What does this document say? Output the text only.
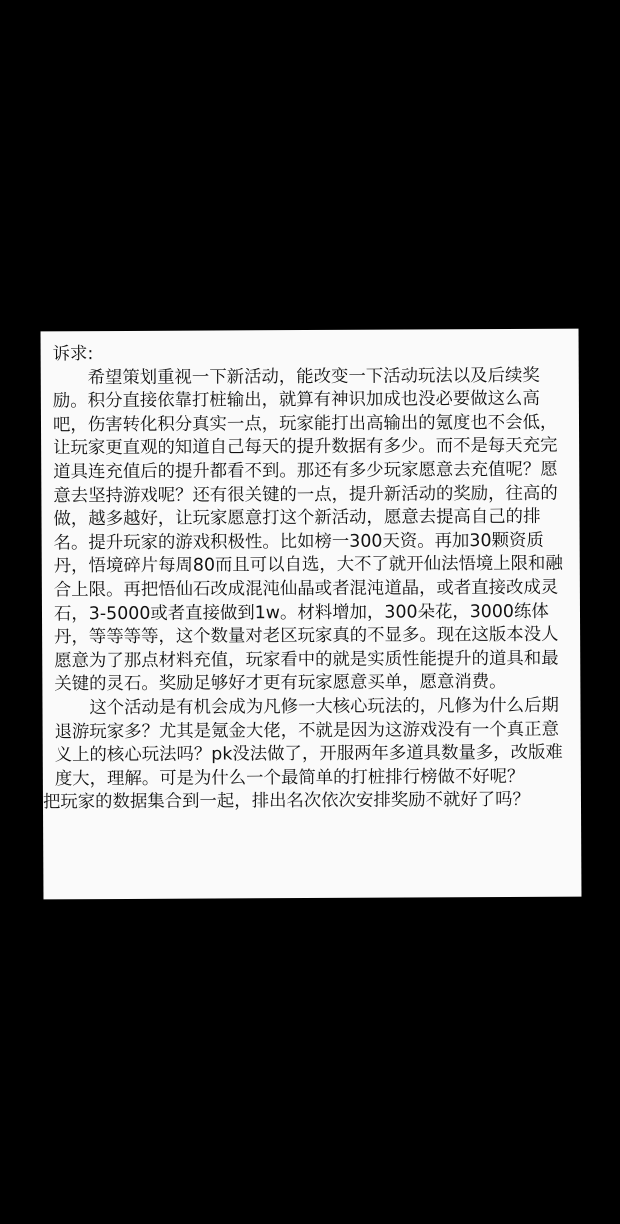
诉求:

希望策划重视一下新活动，能改变一下活动玩法以及后续奖励。积分直接依靠打桩输出，就算有神识加成也没必要做这么高吧，伤害转化积分真实一点，玩家能打出高输出的氪度也不会低，让玩家更直观的知道自己每天的提升数据有多少。而不是每天充完道具连充值后的提升都看不到。那还有多少玩家愿意去充值呢？愿意去坚持游戏呢？还有很关键的一点，提升新活动的奖励，往高的做，越多越好，让玩家愿意打这个新活动，愿意去提高自己的排名。提升玩家的游戏积极性。比如榜一300天资。再加30颗资质丹，悟境碎片每周80而且可以自选，大不了就开仙法悟境上限和融合上限。再把悟仙石改成混沌仙晶或者混沌道晶，或者直接改成灵石，3-5000或者直接做到1w。材料增加，300朵花，3000练体丹，等等等等，这个数量对老区玩家真的不显多。现在这版本没人愿意为了那点材料充值，玩家看中的就是实质性能提升的道具和最关键的灵石。奖励足够好才更有玩家愿意买单，愿意消费。

这个活动是有机会成为凡修一大核心玩法的，凡修为什么后期退游玩家多？尤其是氪金大佬，不就是因为这游戏没有一个真正意义上的核心玩法吗？pk没法做了，开服两年多道具数量多，改版难度大，理解。可是为什么一个最简单的打桩排行榜做不好呢？

把玩家的数据集合到一起，排出名次依次安排奖励不就好了吗？
